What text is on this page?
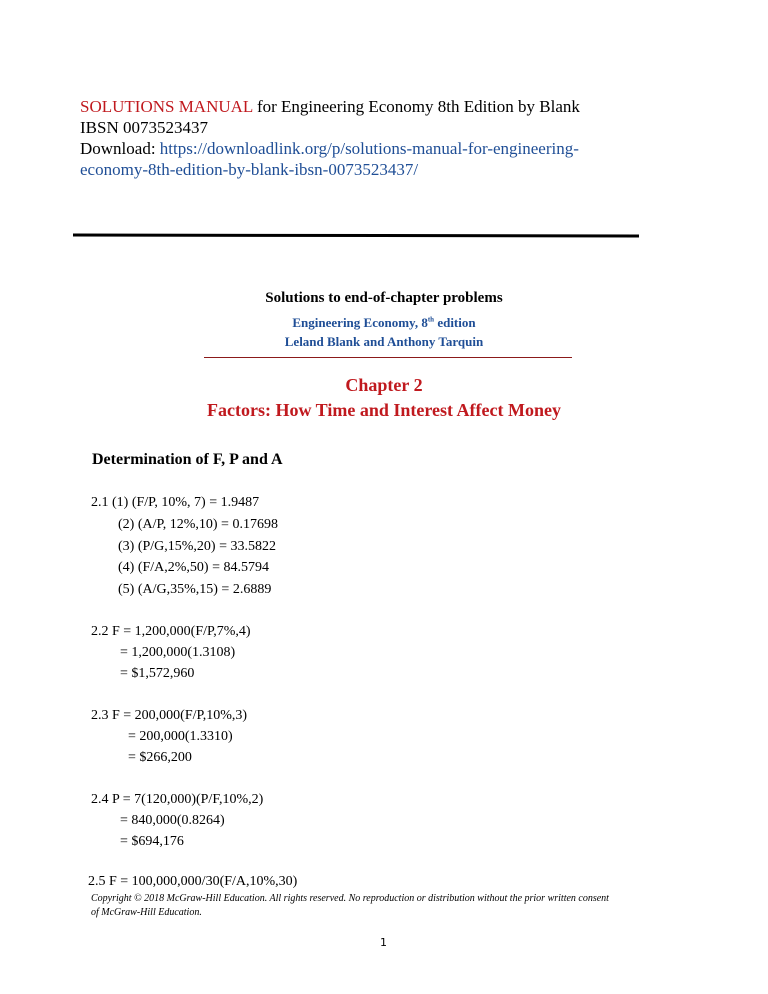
SOLUTIONS MANUAL for Engineering Economy 8th Edition by Blank
IBSN 0073523437
Download: https://downloadlink.org/p/solutions-manual-for-engineering-
economy-8th-edition-by-blank-ibsn-0073523437/
Solutions to end-of-chapter problems
Engineering Economy, 8th edition
Leland Blank and Anthony Tarquin
Chapter 2
Factors: How Time and Interest Affect Money
Determination of F, P and A
2.1 (1) (F/P, 10%, 7) = 1.9487
(2) (A/P, 12%,10) = 0.17698
(3) (P/G,15%,20) = 33.5822
(4) (F/A,2%,50) = 84.5794
(5) (A/G,35%,15) = 2.6889
2.2 F = 1,200,000(F/P,7%,4)
= 1,200,000(1.3108)
= $1,572,960
2.3 F = 200,000(F/P,10%,3)
= 200,000(1.3310)
= $266,200
2.4 P = 7(120,000)(P/F,10%,2)
= 840,000(0.8264)
= $694,176
2.5 F = 100,000,000/30(F/A,10%,30)
Copyright © 2018 McGraw-Hill Education. All rights reserved. No reproduction or distribution without the prior written consent
of McGraw-Hill Education.
1
